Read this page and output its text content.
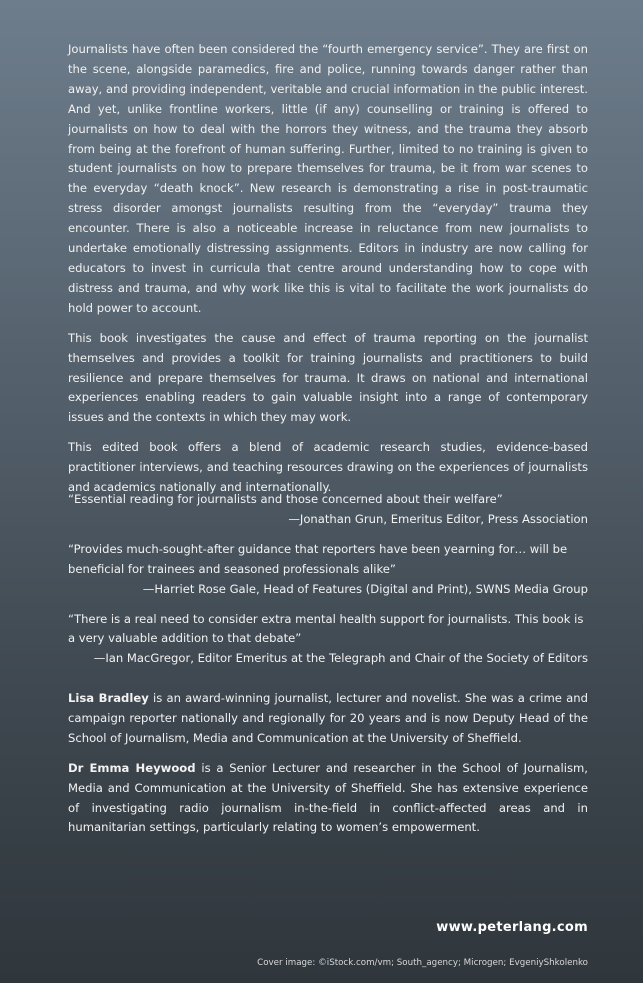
Journalists have often been considered the “fourth emergency service”. They are first on the scene, alongside paramedics, fire and police, running towards danger rather than away, and providing independent, veritable and crucial information in the public interest. And yet, unlike frontline workers, little (if any) counselling or training is offered to journalists on how to deal with the horrors they witness, and the trauma they absorb from being at the forefront of human suffering. Further, limited to no training is given to student journalists on how to prepare themselves for trauma, be it from war scenes to the everyday “death knock”. New research is demonstrating a rise in post-traumatic stress disorder amongst journalists resulting from the “everyday” trauma they encounter. There is also a noticeable increase in reluctance from new journalists to undertake emotionally distressing assignments. Editors in industry are now calling for educators to invest in curricula that centre around understanding how to cope with distress and trauma, and why work like this is vital to facilitate the work journalists do hold power to account.

This book investigates the cause and effect of trauma reporting on the journalist themselves and provides a toolkit for training journalists and practitioners to build resilience and prepare themselves for trauma. It draws on national and international experiences enabling readers to gain valuable insight into a range of contemporary issues and the contexts in which they may work.

This edited book offers a blend of academic research studies, evidence-based practitioner interviews, and teaching resources drawing on the experiences of journalists and academics nationally and internationally.

“Essential reading for journalists and those concerned about their welfare”
—Jonathan Grun, Emeritus Editor, Press Association
“Provides much-sought-after guidance that reporters have been yearning for… will be beneficial for trainees and seasoned professionals alike”
—Harriet Rose Gale, Head of Features (Digital and Print), SWNS Media Group
“There is a real need to consider extra mental health support for journalists. This book is a very valuable addition to that debate”
—Ian MacGregor, Editor Emeritus at the Telegraph and Chair of the Society of Editors

Lisa Bradley is an award-winning journalist, lecturer and novelist. She was a crime and campaign reporter nationally and regionally for 20 years and is now Deputy Head of the School of Journalism, Media and Communication at the University of Sheffield.

Dr Emma Heywood is a Senior Lecturer and researcher in the School of Journalism, Media and Communication at the University of Sheffield. She has extensive experience of investigating radio journalism in-the-field in conflict-affected areas and in humanitarian settings, particularly relating to women’s empowerment.

www.peterlang.com
Cover image: ©iStock.com/vm; South_agency; Microgen; EvgeniyShkolenko
